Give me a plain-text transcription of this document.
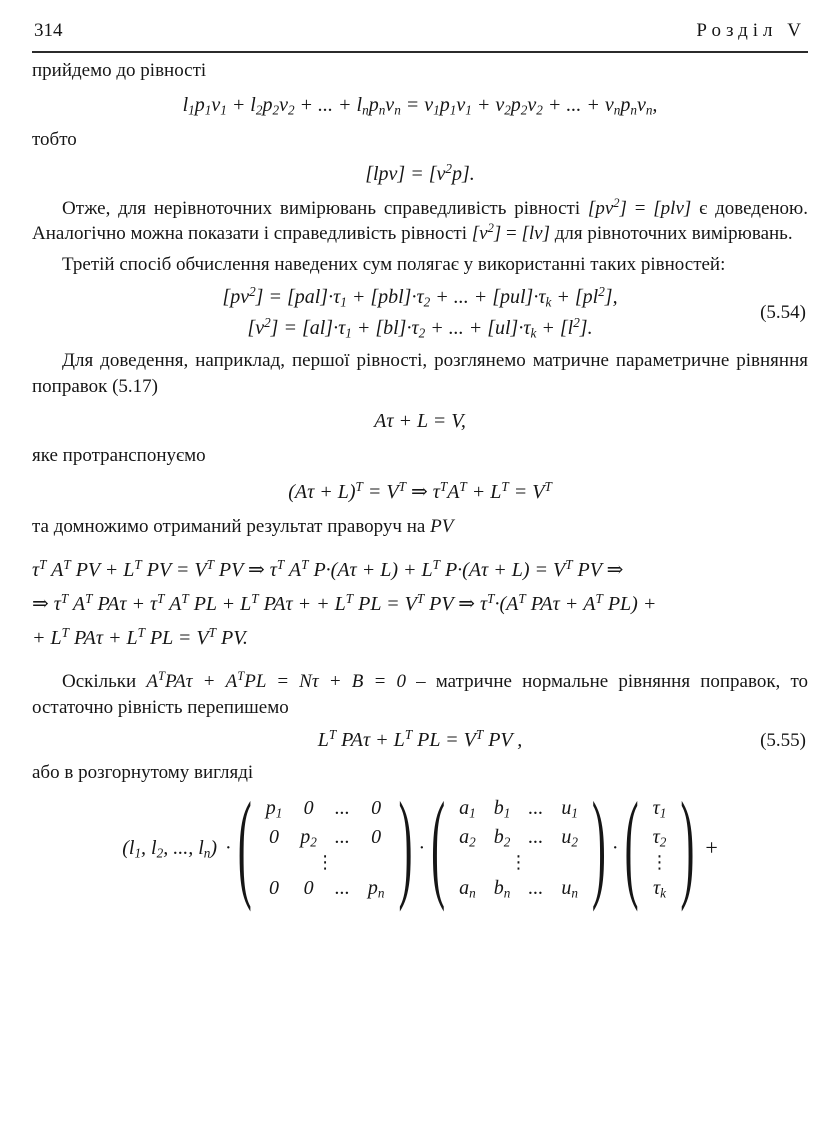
314	Розділ V

прийдемо до рівності

$l_1p_1v_1 + l_2p_2v_2$ + ... + $l_np_nv_n = v_1p_1v_1 + v_2p_2v_2$ + ... + $v_np_nv_n$,

тобто

$[lpv] = [v^2p]$.

Отже, для нерівноточних вимірювань справедливість рівності $[pv^2] = [plv]$ є доведеною. Аналогічно можна показати і справедливість рівності $[v^2] = [lv]$ для рівноточних вимірювань.

Третій спосіб обчислення наведених сум полягає у використанні таких рівностей:

$[pv^2] = [pal]\cdot\tau_1 + [pbl]\cdot\tau_2$ + ... + $[pul]\cdot\tau_k + [pl^2]$,
$[v^2] = [al]\cdot\tau_1 + [bl]\cdot\tau_2$ + ... + $[ul]\cdot\tau_k + [l^2]$.
(5.54)

Для доведення, наприклад, першої рівності, розглянемо матричне параметричне рівняння поправок (5.17)

Aτ + L = V,

яке протранспонуємо

$(A\tau + L)^T = V^T$ ⇒ $\tau^TA^T + L^T = V^T$

та домножимо отриманий результат праворуч на PV

$\tau^T$ $A^T$ PV + $L^T$ PV = $V^T$ PV ⇒ $\tau^T$ $A^T$ $P\cdot(A\tau + L) + L^T$ $P\cdot(A\tau + L) = V^T$ PV ⇒
⇒ $\tau^T$ $A^T$ $PA\tau + \tau^T$ $A^T$ PL + $L^T$ PAτ + + $L^T$ PL = $V^T$ PV ⇒ $\tau^T\cdot(A^T$ $PA\tau + A^T$ PL) +
+ $L^T$ $PA\tau + L^T$ PL = $V^T$ PV.

Оскільки $A^TPA\tau + A^TPL = N\tau + B = 0$ – матричне нормальне рівняння поправок, то остаточно рівність перепишемо

$L^T$ $PA\tau + L^T$ PL = $V^T$ PV ,	(5.55)

або в розгорнутому вигляді

($l_1$, $l_2$, ..., $l_n$) · ( $p_1$	0	...	0
0	$p_2$	...	0
⋮			
0	0	...	$p_n$ ) · ( $a_1$	$b_1$	...	$u_1$
$a_2$	$b_2$	...	$u_2$
⋮			
$a_n$	$b_n$	...	$u_n$ ) · ( $\tau_1$
$\tau_2$
⋮
$\tau_k$ ) +
